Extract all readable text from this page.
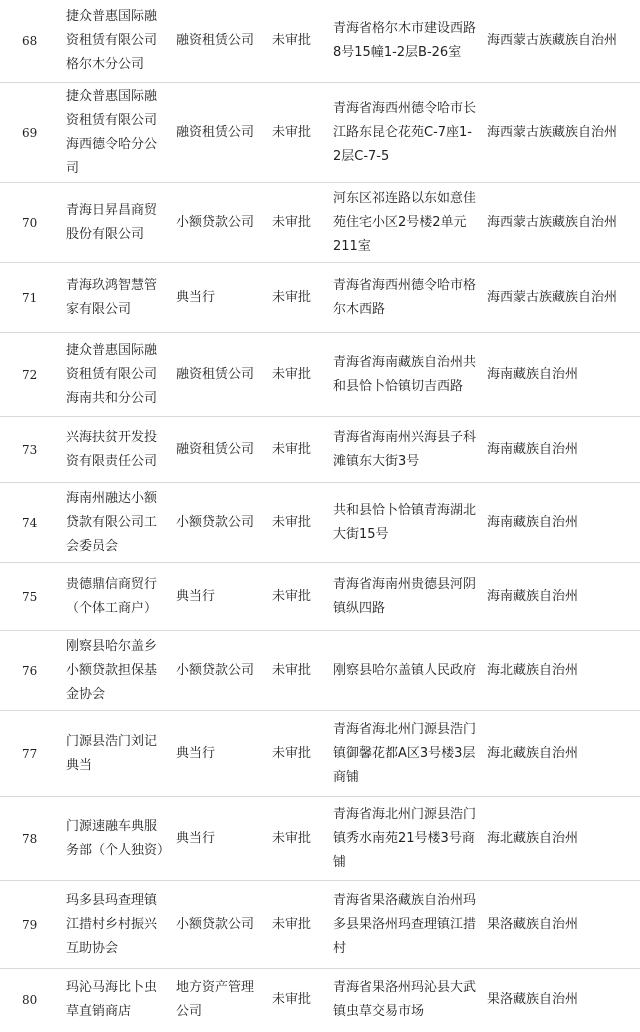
68
捷众普惠国际融资租赁有限公司格尔木分公司
融资租赁公司 未审批
青海省格尔木市建设西路8号15幢1-2层B-26室
海西蒙古族藏族自治州
69
捷众普惠国际融资租赁有限公司海西德令哈分公司
融资租赁公司 未审批
青海省海西州德令哈市长江路东昆仑花苑C-7座1-2层C-7-5
海西蒙古族藏族自治州
70
青海日昇昌商贸股份有限公司
小额贷款公司 未审批
河东区祁连路以东如意佳苑住宅小区2号楼2单元211室
海西蒙古族藏族自治州
71
青海玖鸿智慧管家有限公司
典当行	未审批
青海省海西州德令哈市格尔木西路
海西蒙古族藏族自治州
72
捷众普惠国际融资租赁有限公司海南共和分公司
融资租赁公司 未审批
青海省海南藏族自治州共和县恰卜恰镇切吉西路
海南藏族自治州
73
兴海扶贫开发投资有限责任公司
融资租赁公司 未审批
青海省海南州兴海县子科滩镇东大街3号
海南藏族自治州
74
海南州融达小额贷款有限公司工会委员会
小额贷款公司 未审批
共和县恰卜恰镇青海湖北大街15号
海南藏族自治州
75
贵德鼎信商贸行（个体工商户）
典当行	未审批
青海省海南州贵德县河阴镇纵四路
海南藏族自治州
76
刚察县哈尔盖乡小额贷款担保基金协会
小额贷款公司 未审批 刚察县哈尔盖镇人民政府 海北藏族自治州
77
门源县浩门刘记典当
典当行	未审批
青海省海北州门源县浩门镇御馨花都A区3号楼3层商铺
海北藏族自治州
78
门源速融车典服务部（个人独资）
典当行	未审批
青海省海北州门源县浩门镇秀水南苑21号楼3号商铺
海北藏族自治州
79
玛多县玛查理镇江措村乡村振兴互助协会
小额贷款公司 未审批
青海省果洛藏族自治州玛多县果洛州玛查理镇江措村
果洛藏族自治州
80
玛沁马海比卜虫草直销商店
地方资产管理公司
未审批
青海省果洛州玛沁县大武镇虫草交易市场
果洛藏族自治州
